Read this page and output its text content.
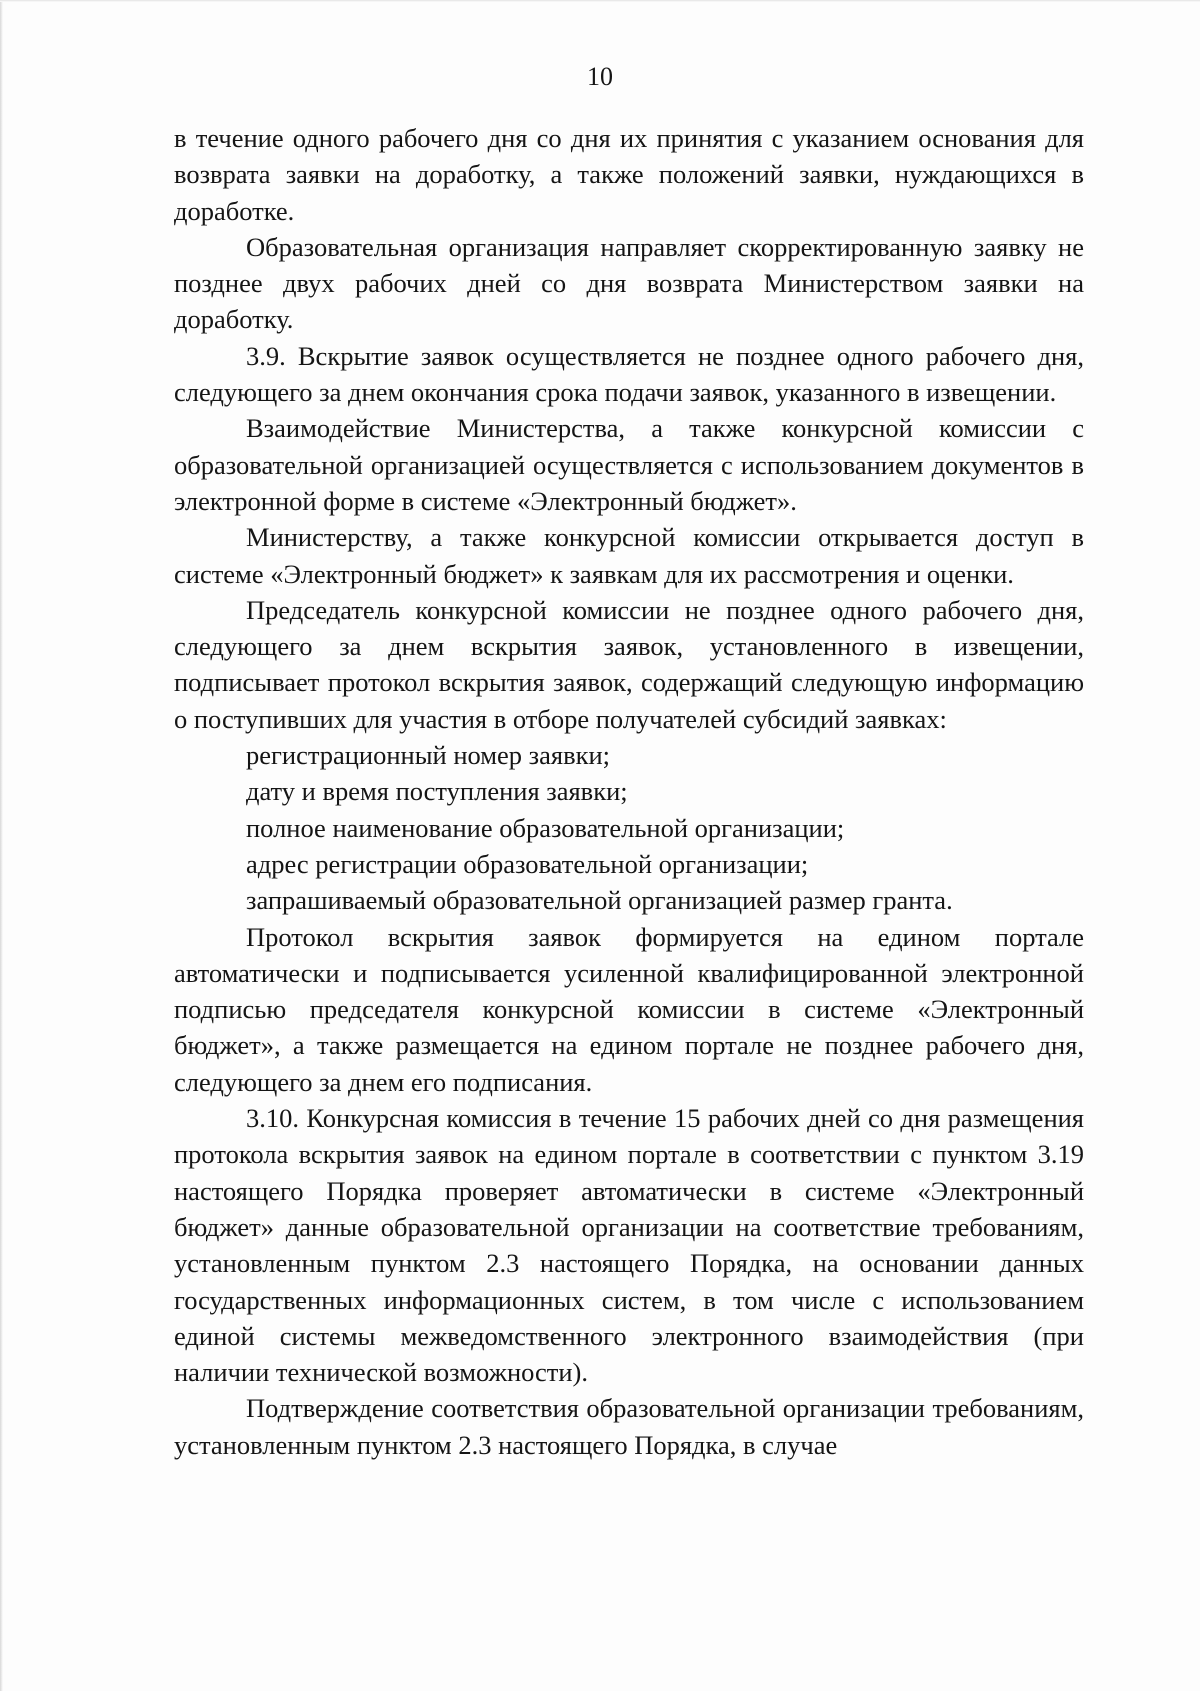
10

в течение одного рабочего дня со дня их принятия с указанием основания для возврата заявки на доработку, а также положений заявки, нуждающихся в доработке.

Образовательная организация направляет скорректированную заявку не позднее двух рабочих дней со дня возврата Министерством заявки на доработку.

3.9. Вскрытие заявок осуществляется не позднее одного рабочего дня, следующего за днем окончания срока подачи заявок, указанного в извещении.

Взаимодействие Министерства, а также конкурсной комиссии с образовательной организацией осуществляется с использованием документов в электронной форме в системе «Электронный бюджет».

Министерству, а также конкурсной комиссии открывается доступ в системе «Электронный бюджет» к заявкам для их рассмотрения и оценки.

Председатель конкурсной комиссии не позднее одного рабочего дня, следующего за днем вскрытия заявок, установленного в извещении, подписывает протокол вскрытия заявок, содержащий следующую информацию о поступивших для участия в отборе получателей субсидий заявках:

регистрационный номер заявки;

дату и время поступления заявки;

полное наименование образовательной организации;

адрес регистрации образовательной организации;

запрашиваемый образовательной организацией размер гранта.

Протокол вскрытия заявок формируется на едином портале автоматически и подписывается усиленной квалифицированной электронной подписью председателя конкурсной комиссии в системе «Электронный бюджет», а также размещается на едином портале не позднее рабочего дня, следующего за днем его подписания.

3.10. Конкурсная комиссия в течение 15 рабочих дней со дня размещения протокола вскрытия заявок на едином портале в соответствии с пунктом 3.19 настоящего Порядка проверяет автоматически в системе «Электронный бюджет» данные образовательной организации на соответствие требованиям, установленным пунктом 2.3 настоящего Порядка, на основании данных государственных информационных систем, в том числе с использованием единой системы межведомственного электронного взаимодействия (при наличии технической возможности).

Подтверждение соответствия образовательной организации требованиям, установленным пунктом 2.3 настоящего Порядка, в случае
